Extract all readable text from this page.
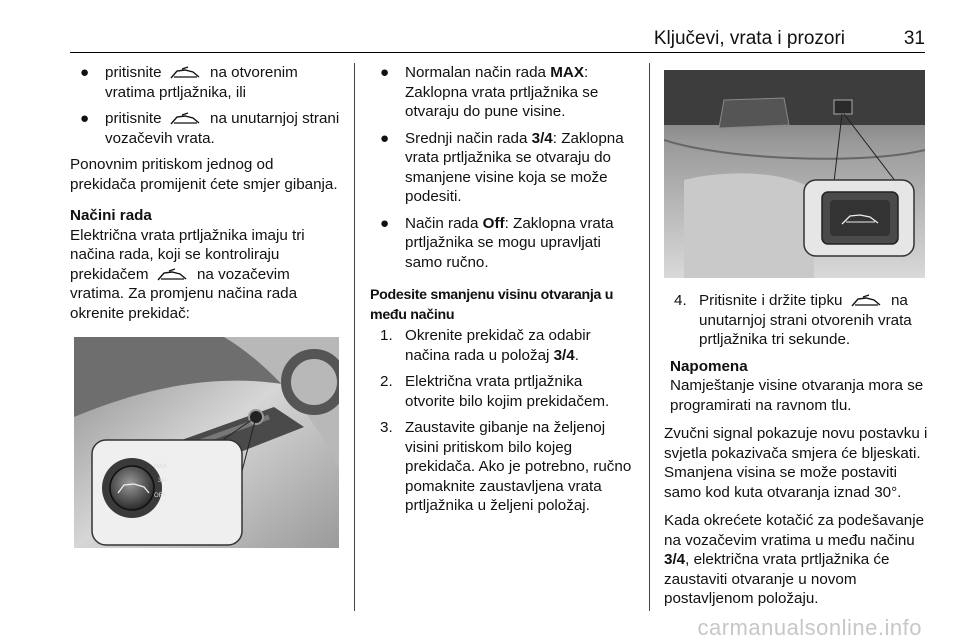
Ključevi, vrata i prozori	31
● pritisnite	na otvorenim vratima prtljažnika, ili
● pritisnite	na unutarnjoj strani vozačevih vrata.

Ponovnim pritiskom jednog od prekidača promijenit ćete smjer gibanja.

Načini rada

Električna vrata prtljažnika imaju tri načina rada, koji se kontroliraju prekidačem	na vozačevim vratima. Za promjenu načina rada okrenite prekidač:

MAX
3/4
OFF
● Normalan način rada MAX: Zaklopna vrata prtljažnika se otvaraju do pune visine.
● Srednji način rada 3/4: Zaklopna vrata prtljažnika se otvaraju do smanjene visine koja se može podesiti.
● Način rada Off: Zaklopna vrata prtljažnika se mogu upravljati samo ručno.

Podesite smanjenu visinu otvaranja u među načinu

1. Okrenite prekidač za odabir načina rada u položaj 3/4.
2. Električna vrata prtljažnika otvorite bilo kojim prekidačem.
3. Zaustavite gibanje na željenoj visini pritiskom bilo kojeg prekidača. Ako je potrebno, ručno pomaknite zaustavljena vrata prtljažnika u željeni položaj.
4. Pritisnite i držite tipku	na unutarnjoj strani otvorenih vrata prtljažnika tri sekunde.

Napomena

Namještanje visine otvaranja mora se programirati na ravnom tlu.

Zvučni signal pokazuje novu postavku i svjetla pokazivača smjera će bljeskati. Smanjena visina se može postaviti samo kod kuta otvaranja iznad 30°.

Kada okrećete kotačić za podešavanje na vozačevim vratima u među načinu 3/4, električna vrata prtljažnika će zaustaviti otvaranje u novom postavljenom položaju.

carmanualsonline.info
